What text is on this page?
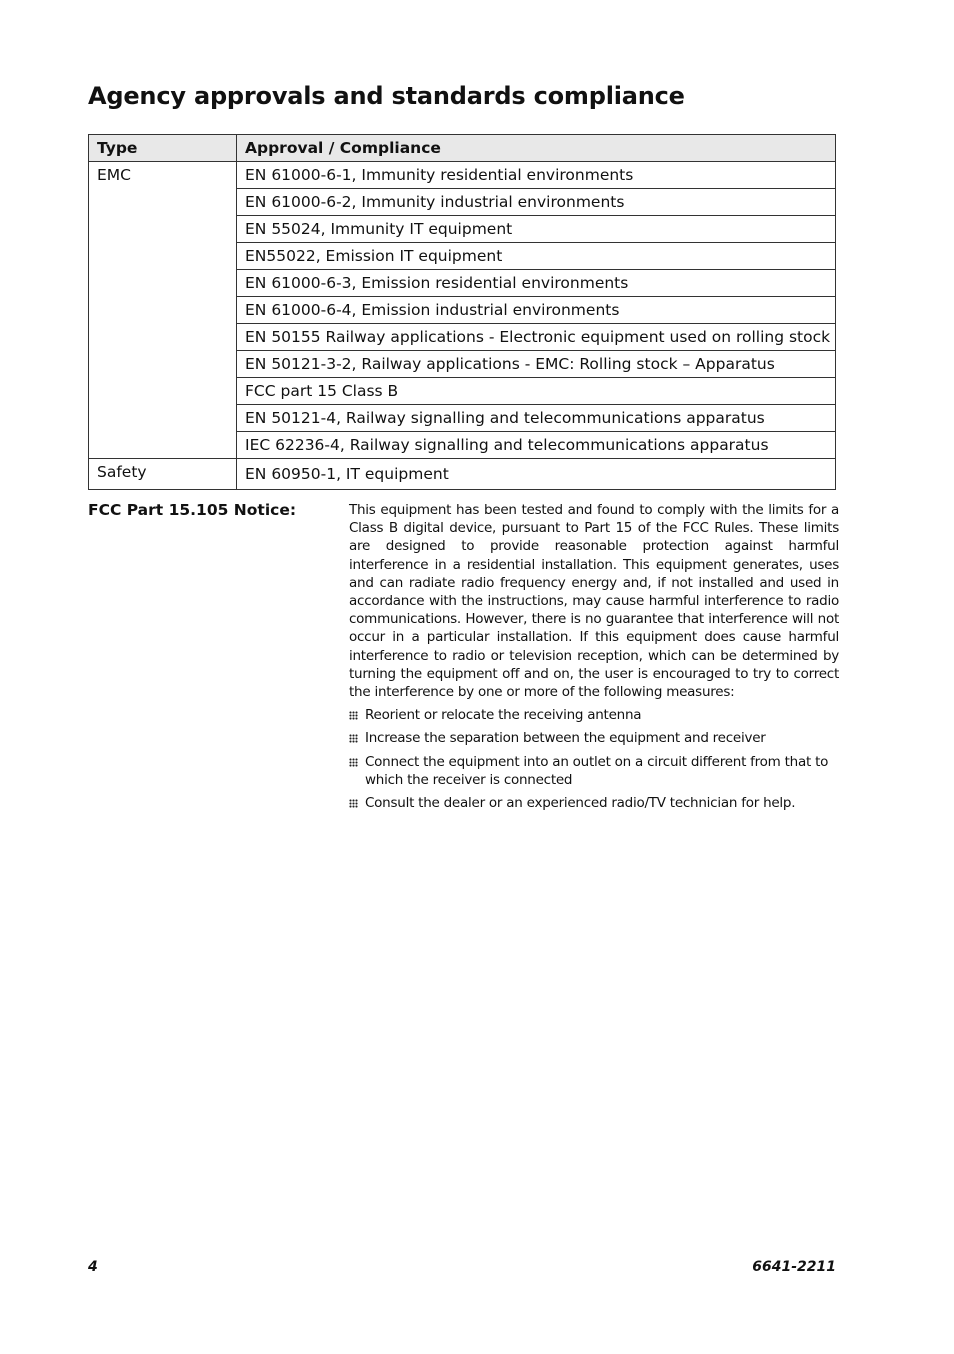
Agency approvals and standards compliance
Type	Approval / Compliance
EMC	EN 61000-6-1, Immunity residential environments
	EN 61000-6-2, Immunity industrial environments
	EN 55024, Immunity IT equipment
	EN55022, Emission IT equipment
	EN 61000-6-3, Emission residential environments
	EN 61000-6-4, Emission industrial environments
	EN 50155 Railway applications - Electronic equipment used on rolling stock
	EN 50121-3-2, Railway applications - EMC: Rolling stock – Apparatus
	FCC part 15 Class B
	EN 50121-4, Railway signalling and telecommunications apparatus
	IEC 62236-4, Railway signalling and telecommunications apparatus
Safety	EN 60950-1, IT equipment
FCC Part 15.105 Notice:	This equipment has been tested and found to comply with the limits for a Class B digital device, pursuant to Part 15 of the FCC Rules. These limits are designed to provide reasonable protection against harmful interference in a residential installation. This equipment generates, uses and can radiate radio frequency energy and, if not installed and used in accordance with the instructions, may cause harmful interference to radio communications. However, there is no guarantee that interference will not occur in a particular installation. If this equipment does cause harmful interference to radio or television reception, which can be determined by turning the equipment off and on, the user is encouraged to try to correct the interference by one or more of the following measures:

Reorient or relocate the receiving antenna
Increase the separation between the equipment and receiver
Connect the equipment into an outlet on a circuit different from that to which the receiver is connected
Consult the dealer or an experienced radio/TV technician for help.

4	6641-2211
